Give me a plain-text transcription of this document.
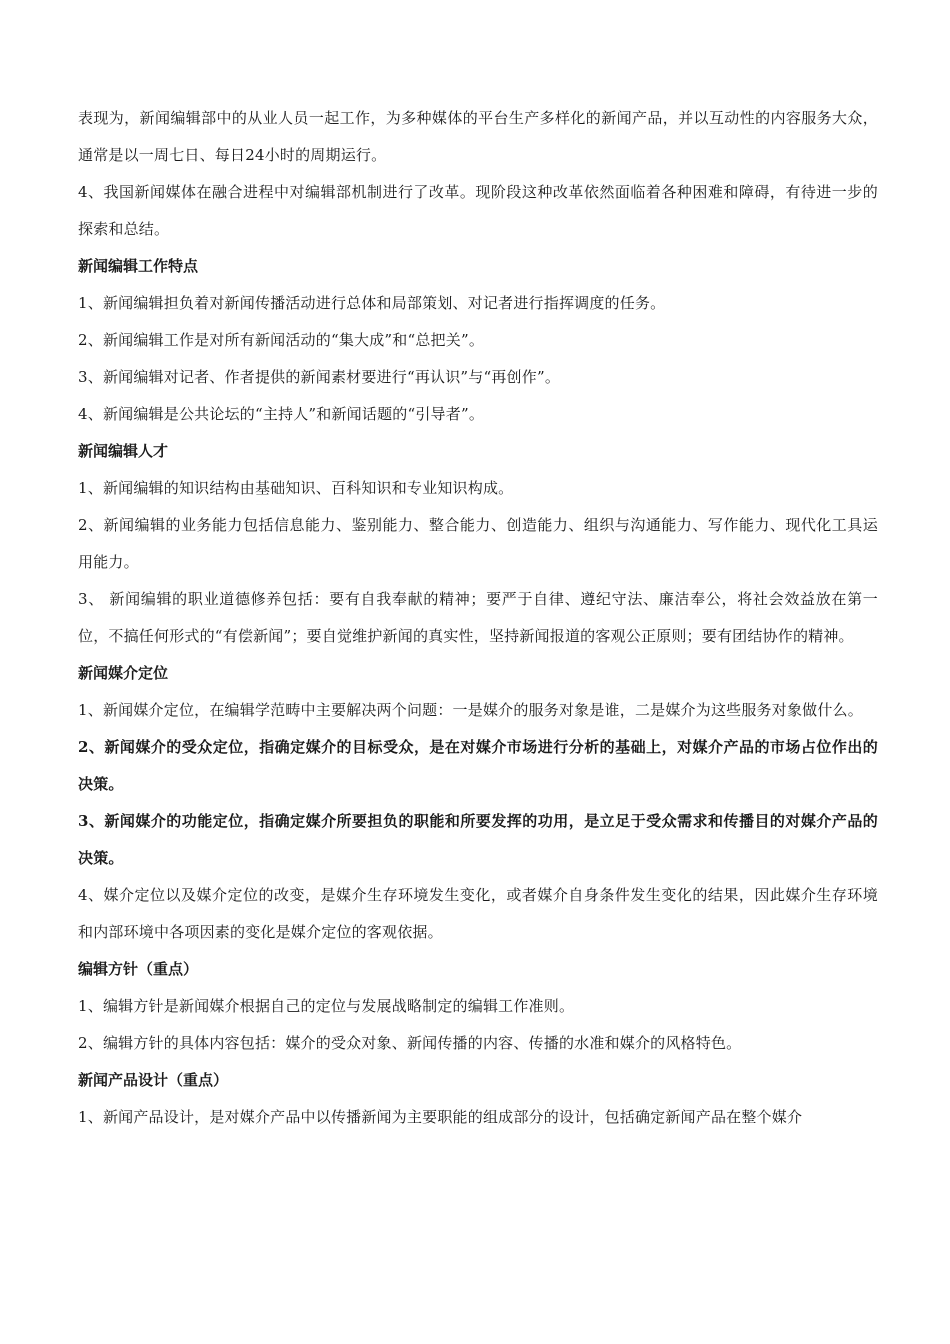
表现为，新闻编辑部中的从业人员一起工作，为多种媒体的平台生产多样化的新闻产品，并以互动性的内容服务大众，通常是以一周七日、每日24小时的周期运行。

4、我国新闻媒体在融合进程中对编辑部机制进行了改革。现阶段这种改革依然面临着各种困难和障碍，有待进一步的探索和总结。

新闻编辑工作特点

1、新闻编辑担负着对新闻传播活动进行总体和局部策划、对记者进行指挥调度的任务。

2、新闻编辑工作是对所有新闻活动的“集大成”和“总把关”。

3、新闻编辑对记者、作者提供的新闻素材要进行“再认识”与“再创作”。

4、新闻编辑是公共论坛的“主持人”和新闻话题的“引导者”。

新闻编辑人才

1、新闻编辑的知识结构由基础知识、百科知识和专业知识构成。

2、新闻编辑的业务能力包括信息能力、鉴别能力、整合能力、创造能力、组织与沟通能力、写作能力、现代化工具运用能力。

3、 新闻编辑的职业道德修养包括：要有自我奉献的精神；要严于自律、遵纪守法、廉洁奉公，将社会效益放在第一位，不搞任何形式的“有偿新闻”；要自觉维护新闻的真实性，坚持新闻报道的客观公正原则；要有团结协作的精神。

新闻媒介定位

1、新闻媒介定位，在编辑学范畴中主要解决两个问题：一是媒介的服务对象是谁，二是媒介为这些服务对象做什么。

2、新闻媒介的受众定位，指确定媒介的目标受众，是在对媒介市场进行分析的基础上，对媒介产品的市场占位作出的决策。

3、新闻媒介的功能定位，指确定媒介所要担负的职能和所要发挥的功用，是立足于受众需求和传播目的对媒介产品的决策。

4、媒介定位以及媒介定位的改变，是媒介生存环境发生变化，或者媒介自身条件发生变化的结果，因此媒介生存环境和内部环境中各项因素的变化是媒介定位的客观依据。

编辑方针（重点）

1、编辑方针是新闻媒介根据自己的定位与发展战略制定的编辑工作准则。

2、编辑方针的具体内容包括：媒介的受众对象、新闻传播的内容、传播的水准和媒介的风格特色。

新闻产品设计（重点）

1、新闻产品设计，是对媒介产品中以传播新闻为主要职能的组成部分的设计，包括确定新闻产品在整个媒介
